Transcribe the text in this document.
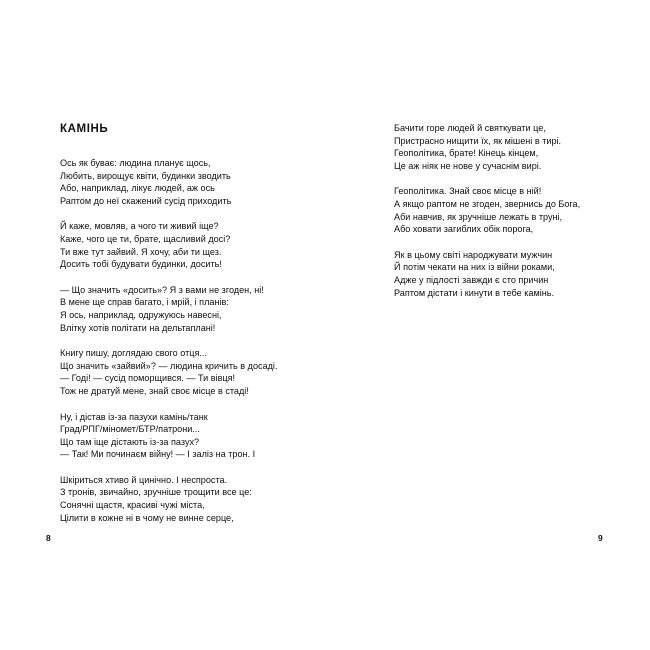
КАМІНЬ
Ось як буває: людина планує щось,
Любить, вирощує квіти, будинки зводить
Або, наприклад, лікує людей, аж ось
Раптом до неї скажений сусід приходить
Й каже, мовляв, а чого ти живий іще?
Каже, чого це ти, брате, щасливий досі?
Ти вже тут зайвий. Я хочу, аби ти щез.
Досить тобі будувати будинки, досить!
— Що значить «досить»? Я з вами не згоден, ні!
В мене ще справ багато, і мрій, і планів:
Я ось, наприклад, одружуюсь навесні,
Влітку хотів політати на дельтаплані!
Книгу пишу, доглядаю свого отця...
Що значить «зайвий»? — людина кричить в досаді.
— Годі! — сусід поморщився. — Ти вівця!
Тож не дратуй мене, знай своє місце в стаді!
Ну, і дістав із-за пазухи камінь/танк
Град/РПГ/міномет/БТР/патрони...
Що там іще дістають із-за пазух?
— Так! Ми починаєм війну! — І заліз на трон. І
Шкіриться хтиво й цинічно. І неспроста.
З тронів, звичайно, зручніше трощити все це:
Сонячні щастя, красиві чужі міста,
Цілити в кожне ні в чому не винне серце,
8
Бачити горе людей й святкувати це,
Пристрасно нищити їх, як мішені в тирі.
Геополітика, брате! Кінець кінцем,
Це аж ніяк не нове у сучаснім вирі.
Геополітика. Знай своє місце в ній!
А якщо раптом не згоден, звернись до Бога,
Аби навчив, як зручніше лежать в труні,
Або ховати загиблих обік порога,
Як в цьому світі народжувати мужчин
Й потім чекати на них із війни роками,
Адже у підлості завжди є сто причин
Раптом дістати і кинути в тебе камінь.
9
